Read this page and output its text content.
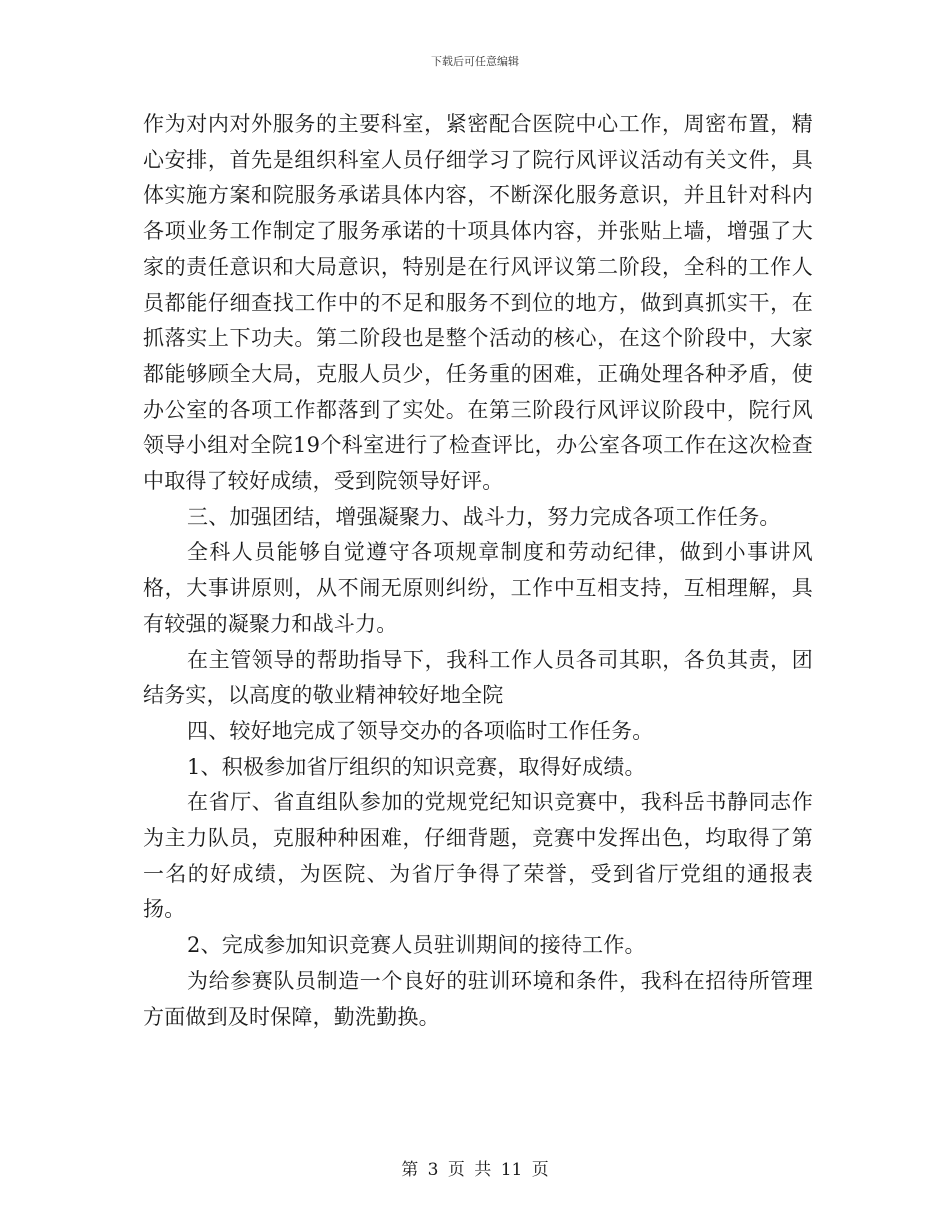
下载后可任意编辑

作为对内对外服务的主要科室，紧密配合医院中心工作，周密布置，精心安排，首先是组织科室人员仔细学习了院行风评议活动有关文件，具体实施方案和院服务承诺具体内容，不断深化服务意识，并且针对科内各项业务工作制定了服务承诺的十项具体内容，并张贴上墙，增强了大家的责任意识和大局意识，特别是在行风评议第二阶段，全科的工作人员都能仔细查找工作中的不足和服务不到位的地方，做到真抓实干，在抓落实上下功夫。第二阶段也是整个活动的核心，在这个阶段中，大家都能够顾全大局，克服人员少，任务重的困难，正确处理各种矛盾，使办公室的各项工作都落到了实处。在第三阶段行风评议阶段中，院行风领导小组对全院19个科室进行了检查评比，办公室各项工作在这次检查中取得了较好成绩，受到院领导好评。

三、加强团结，增强凝聚力、战斗力，努力完成各项工作任务。

全科人员能够自觉遵守各项规章制度和劳动纪律，做到小事讲风格，大事讲原则，从不闹无原则纠纷，工作中互相支持，互相理解，具有较强的凝聚力和战斗力。

在主管领导的帮助指导下，我科工作人员各司其职，各负其责，团结务实，以高度的敬业精神较好地全院

四、较好地完成了领导交办的各项临时工作任务。

1、积极参加省厅组织的知识竞赛，取得好成绩。

在省厅、省直组队参加的党规党纪知识竞赛中，我科岳书静同志作为主力队员，克服种种困难，仔细背题，竞赛中发挥出色，均取得了第一名的好成绩，为医院、为省厅争得了荣誉，受到省厅党组的通报表扬。

2、完成参加知识竞赛人员驻训期间的接待工作。

为给参赛队员制造一个良好的驻训环境和条件，我科在招待所管理方面做到及时保障，勤洗勤换。

第 3 页 共 11 页
